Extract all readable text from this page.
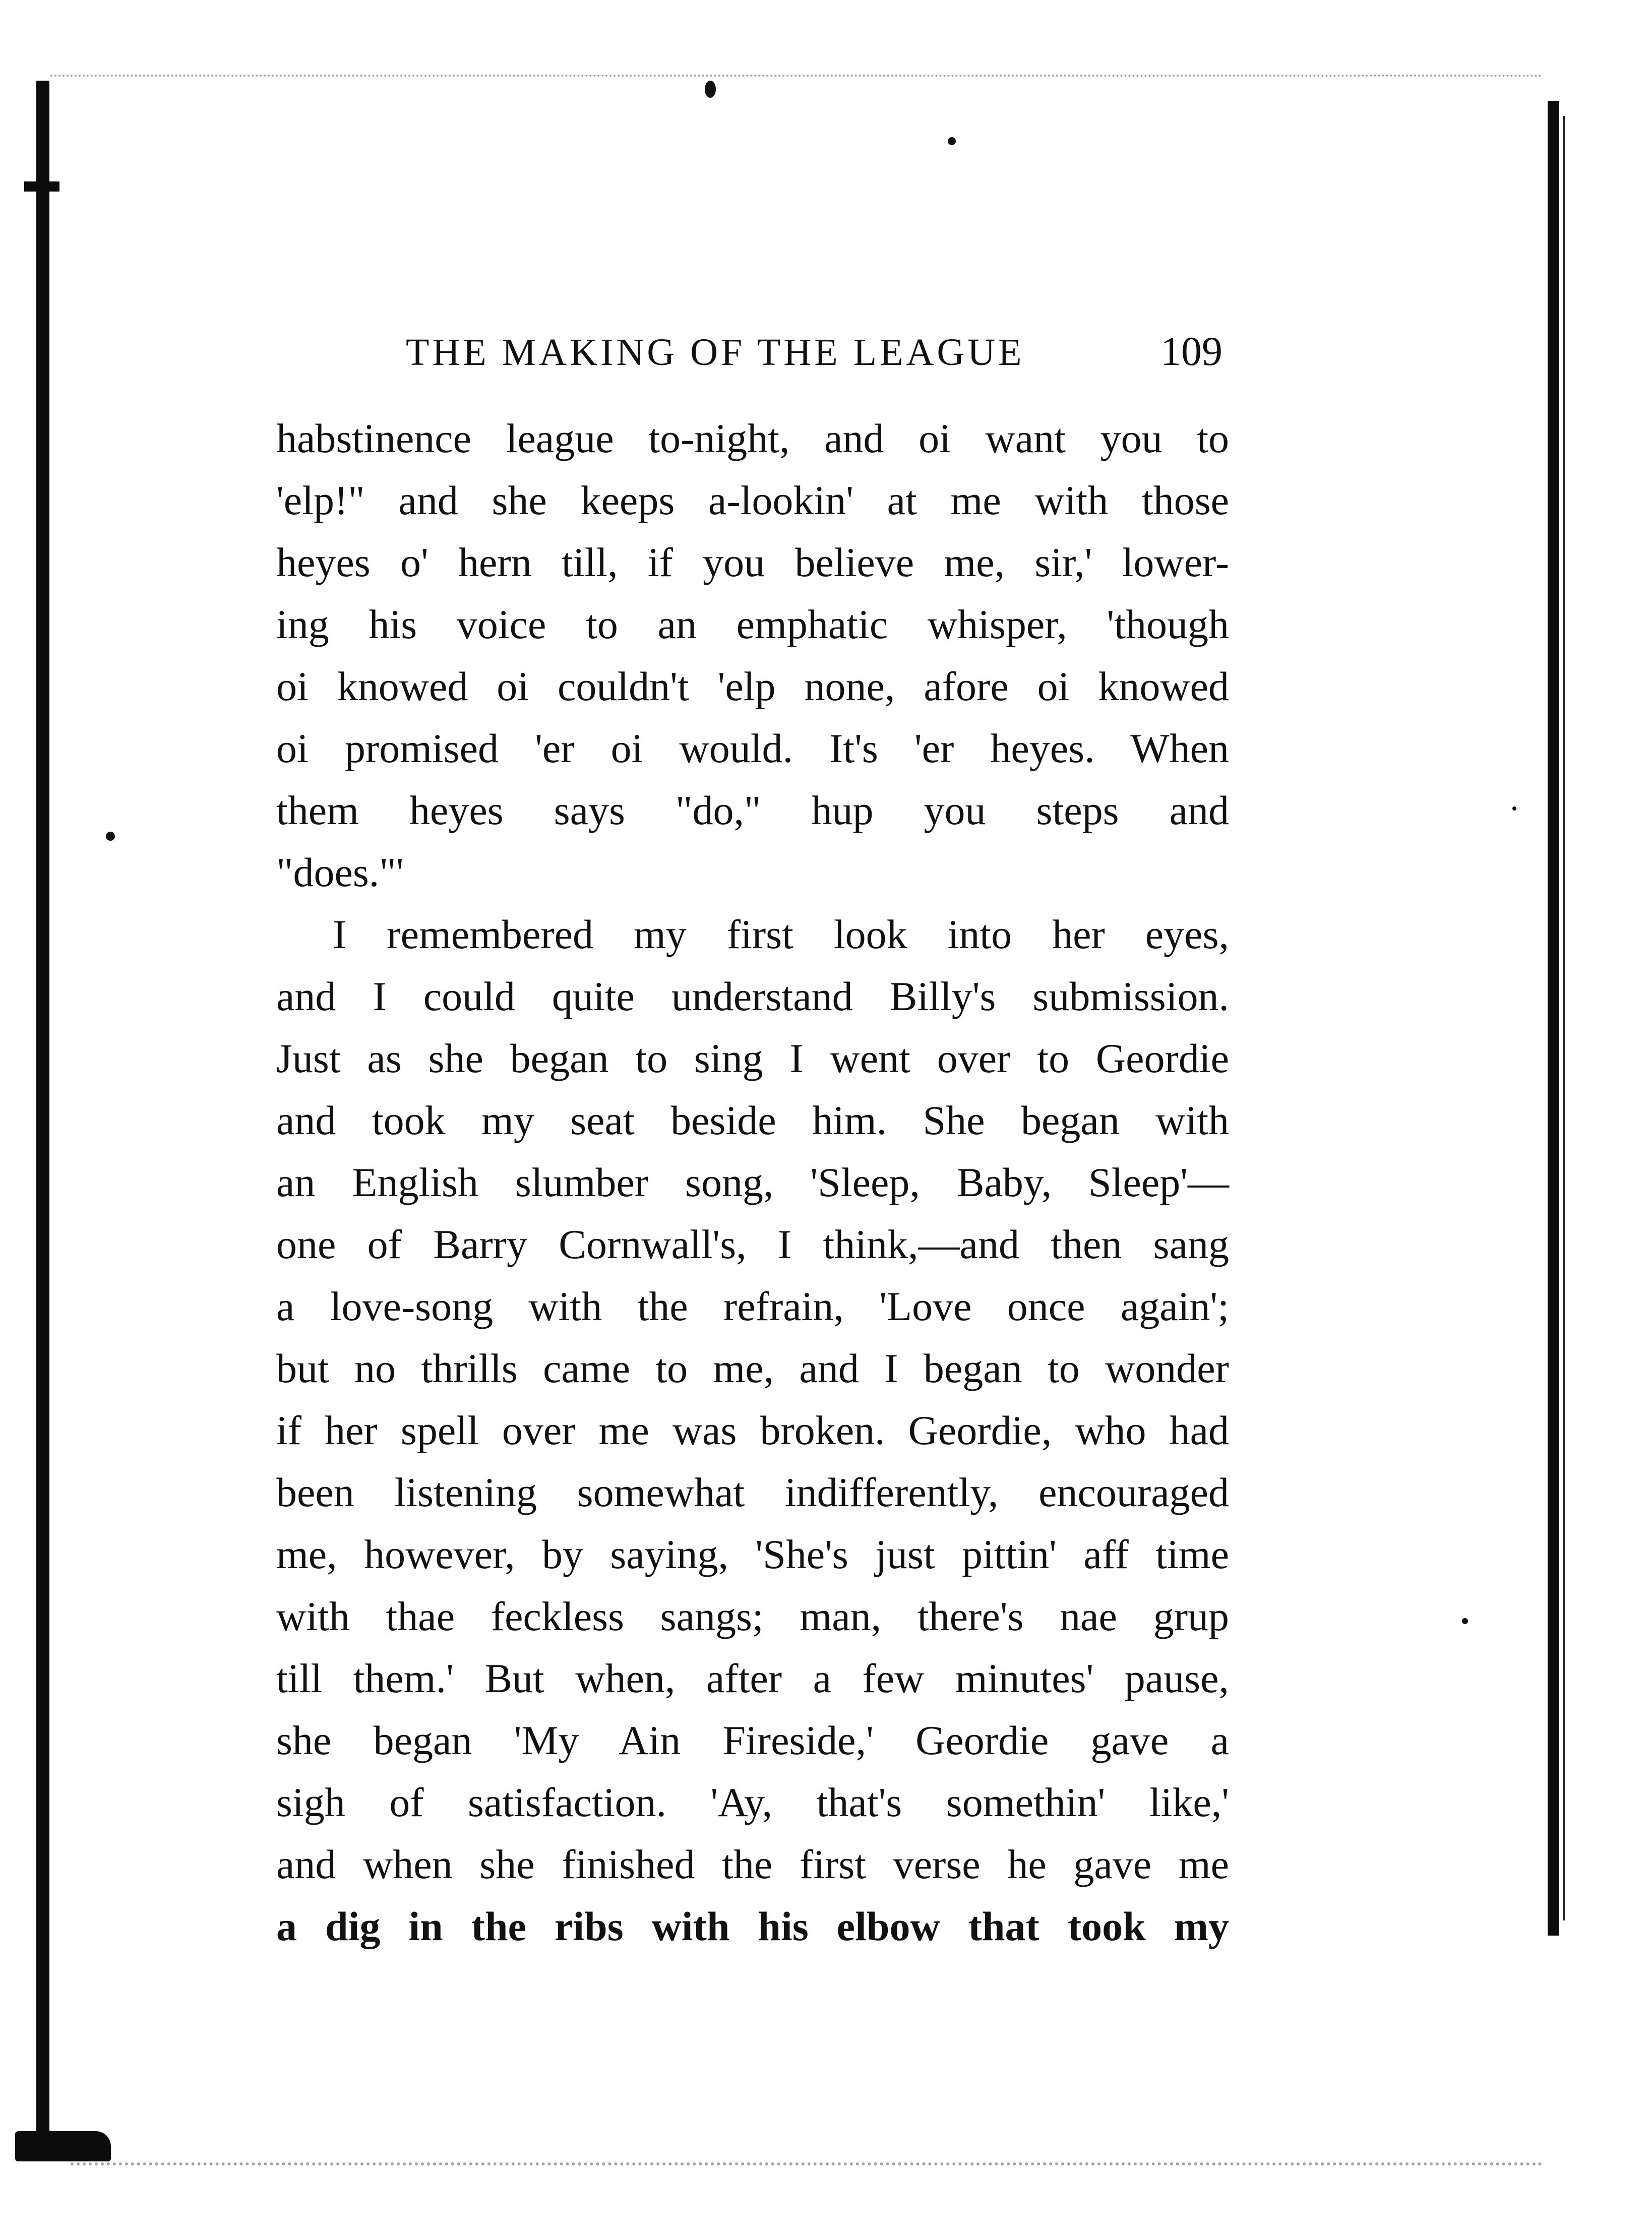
THE MAKING OF THE LEAGUE	109
habstinence league to-night, and oi want you to
'elp!" and she keeps a-lookin' at me with those
heyes o' hern till, if you believe me, sir,' lower-
ing his voice to an emphatic whisper, 'though
oi knowed oi couldn't 'elp none, afore oi knowed
oi promised 'er oi would. It's 'er heyes. When
them heyes says "do," hup you steps and
"does."'
I remembered my first look into her eyes,
and I could quite understand Billy's submission.
Just as she began to sing I went over to Geordie
and took my seat beside him. She began with
an English slumber song, 'Sleep, Baby, Sleep'—
one of Barry Cornwall's, I think,—and then sang
a love-song with the refrain, 'Love once again';
but no thrills came to me, and I began to wonder
if her spell over me was broken. Geordie, who had
been listening somewhat indifferently, encouraged
me, however, by saying, 'She's just pittin' aff time
with thae feckless sangs; man, there's nae grup
till them.' But when, after a few minutes' pause,
she began 'My Ain Fireside,' Geordie gave a
sigh of satisfaction. 'Ay, that's somethin' like,'
and when she finished the first verse he gave me
a dig in the ribs with his elbow that took my
